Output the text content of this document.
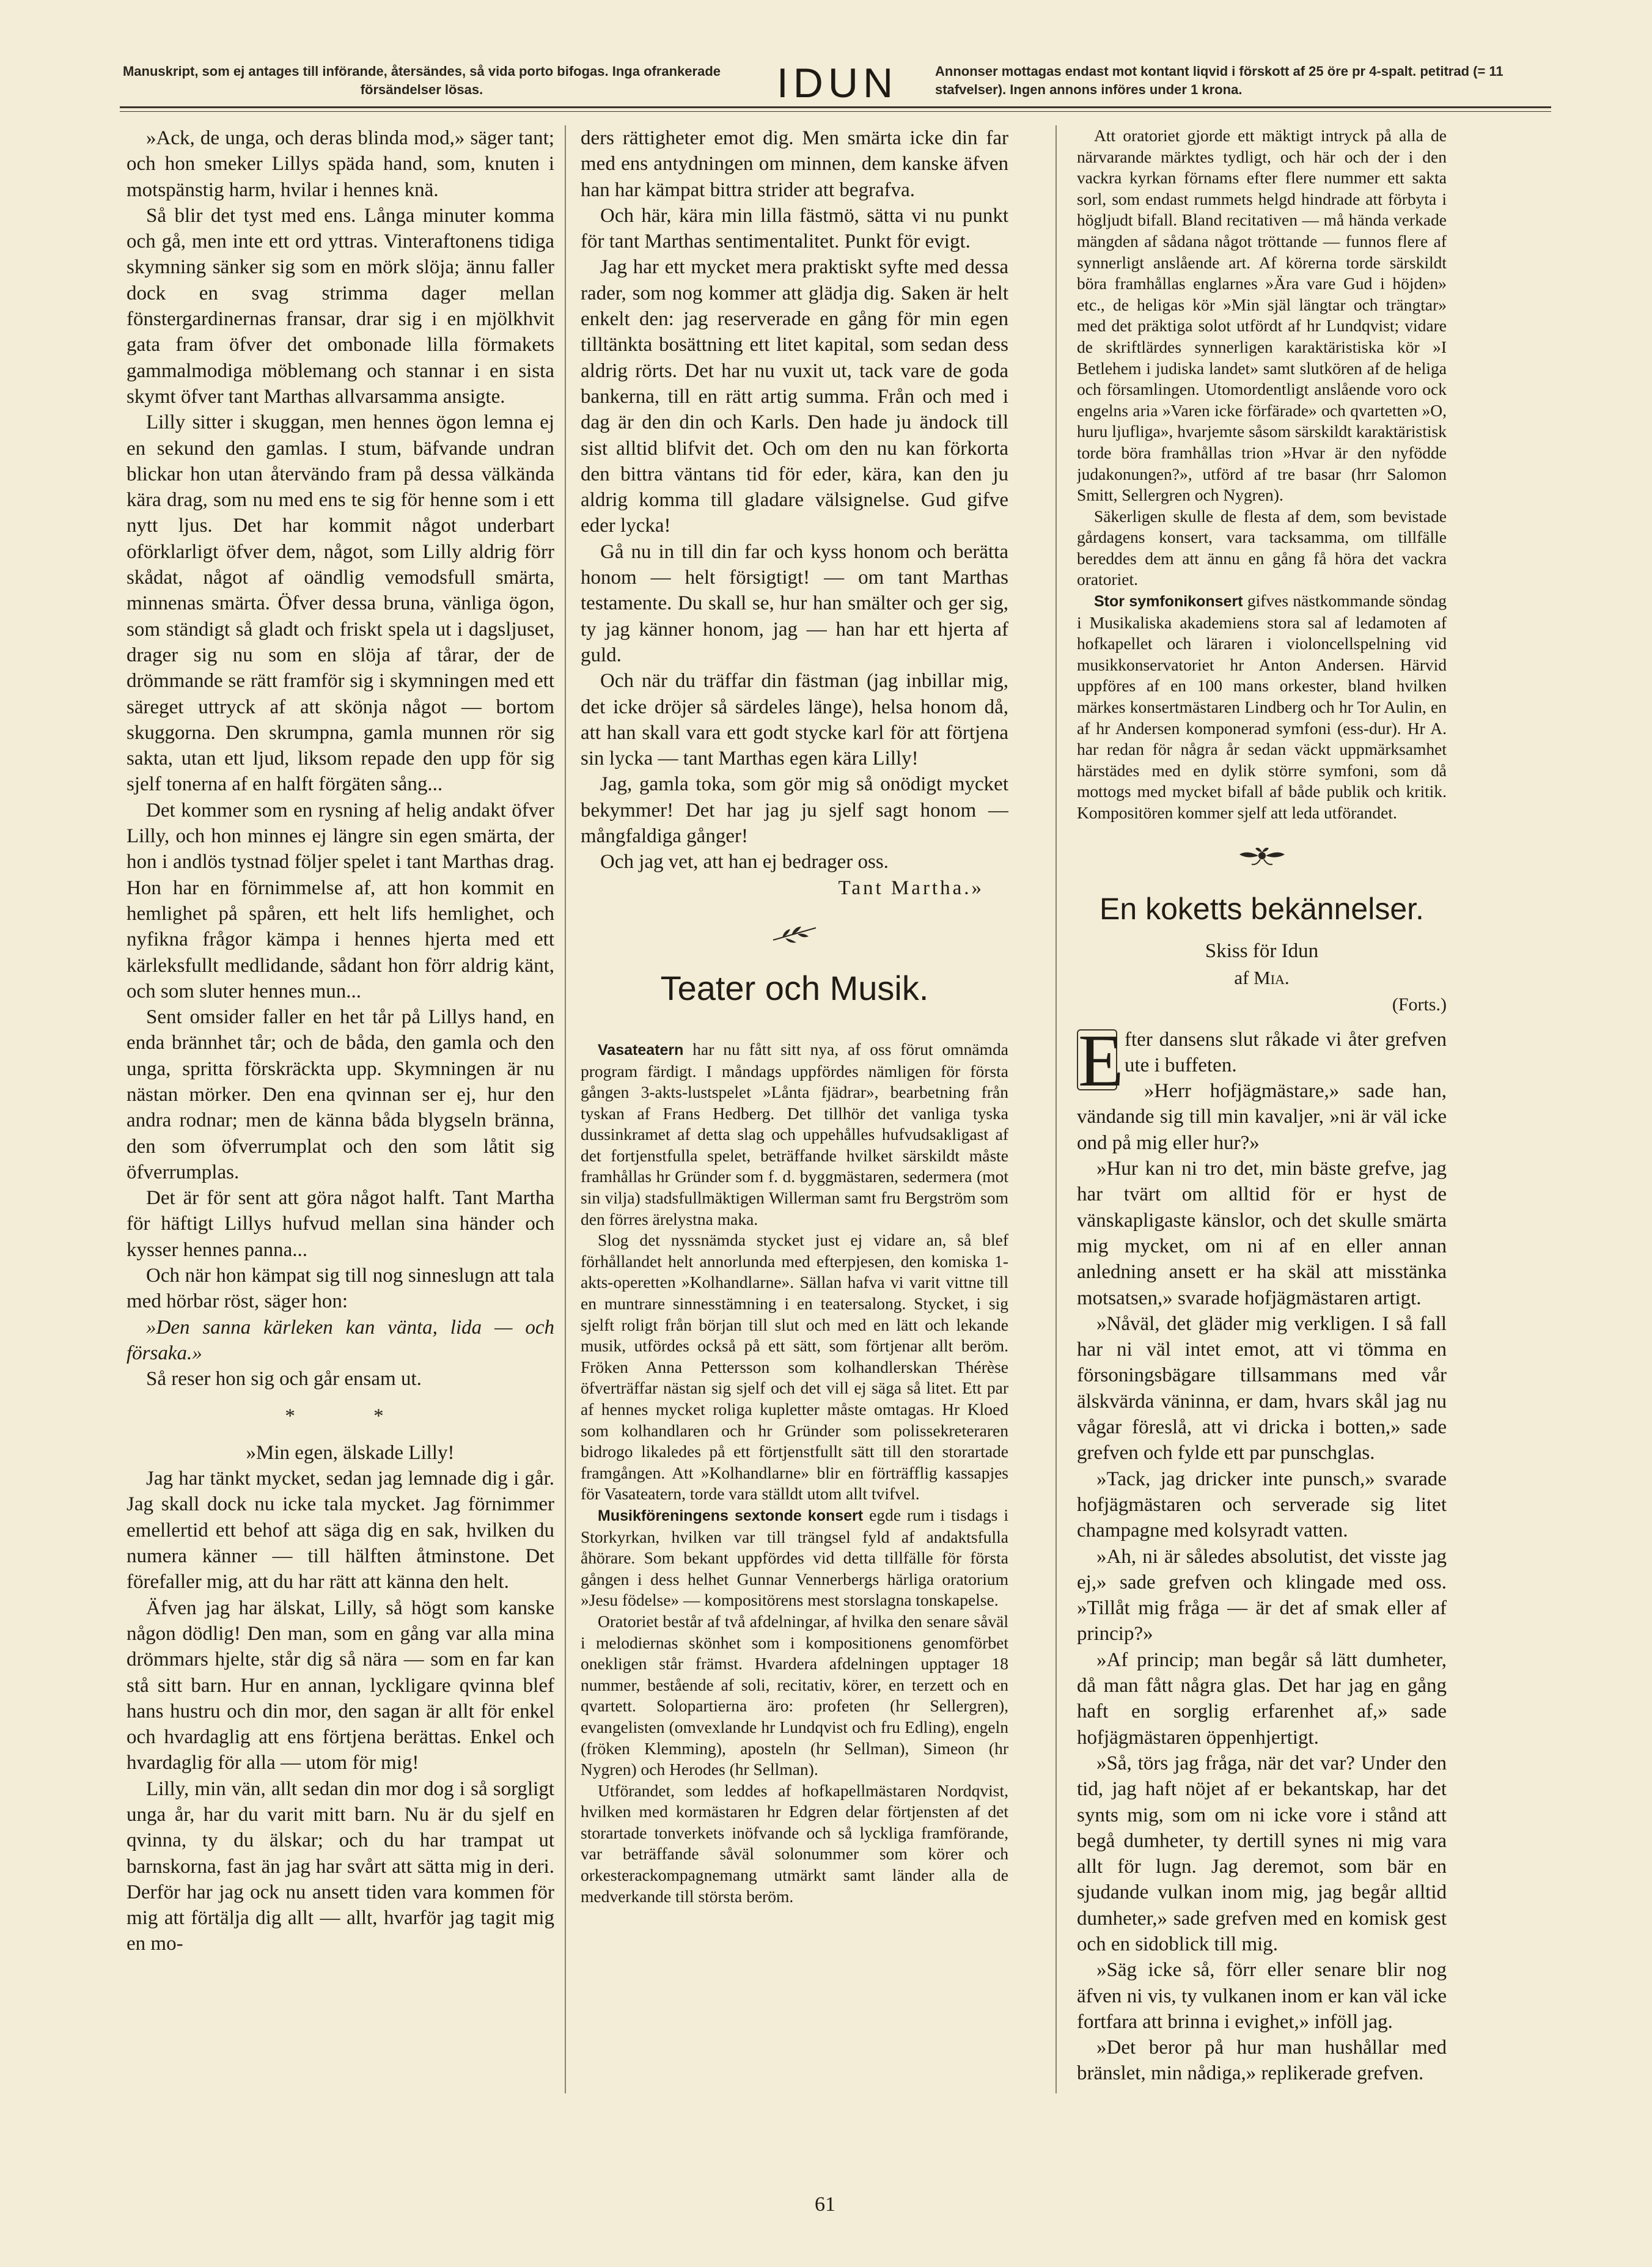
Manuskript, som ej antages till införande, återsändes, så vida porto bifogas. Inga ofrankerade försändelser lösas.	IDUN	Annonser mottagas endast mot kontant liqvid i förskott af 25 öre pr 4-spalt. petitrad (= 11 stafvelser). Ingen annons införes under 1 krona.

»Ack, de unga, och deras blinda mod,» säger tant; och hon smeker Lillys späda hand, som, knuten i motspänstig harm, hvilar i hennes knä.

Så blir det tyst med ens. Långa minuter komma och gå, men inte ett ord yttras. Vinteraftonens tidiga skymning sänker sig som en mörk slöja; ännu faller dock en svag strimma dager mellan fönstergardinernas fransar, drar sig i en mjölkhvit gata fram öfver det ombonade lilla förmakets gammalmodiga möblemang och stannar i en sista skymt öfver tant Marthas allvarsamma ansigte.

Lilly sitter i skuggan, men hennes ögon lemna ej en sekund den gamlas. I stum, bäfvande undran blickar hon utan återvändo fram på dessa välkända kära drag, som nu med ens te sig för henne som i ett nytt ljus. Det har kommit något underbart oförklarligt öfver dem, något, som Lilly aldrig förr skådat, något af oändlig vemodsfull smärta, minnenas smärta. Öfver dessa bruna, vänliga ögon, som ständigt så gladt och friskt spela ut i dagsljuset, drager sig nu som en slöja af tårar, der de drömmande se rätt framför sig i skymningen med ett säreget uttryck af att skönja något — bortom skuggorna. Den skrumpna, gamla munnen rör sig sakta, utan ett ljud, liksom repade den upp för sig sjelf tonerna af en halft förgäten sång...

Det kommer som en rysning af helig andakt öfver Lilly, och hon minnes ej längre sin egen smärta, der hon i andlös tystnad följer spelet i tant Marthas drag. Hon har en förnimmelse af, att hon kommit en hemlighet på spåren, ett helt lifs hemlighet, och nyfikna frågor kämpa i hennes hjerta med ett kärleksfullt medlidande, sådant hon förr aldrig känt, och som sluter hennes mun...

Sent omsider faller en het tår på Lillys hand, en enda brännhet tår; och de båda, den gamla och den unga, spritta förskräckta upp. Skymningen är nu nästan mörker. Den ena qvinnan ser ej, hur den andra rodnar; men de känna båda blygseln bränna, den som öfverrumplat och den som låtit sig öfverrumplas.

Det är för sent att göra något halft. Tant Martha för häftigt Lillys hufvud mellan sina händer och kysser hennes panna...

Och när hon kämpat sig till nog sinneslugn att tala med hörbar röst, säger hon:

»Den sanna kärleken kan vänta, lida — och försaka.»

Så reser hon sig och går ensam ut.

* *

»Min egen, älskade Lilly!

Jag har tänkt mycket, sedan jag lemnade dig i går. Jag skall dock nu icke tala mycket. Jag förnimmer emellertid ett behof att säga dig en sak, hvilken du numera känner — till hälften åtminstone. Det förefaller mig, att du har rätt att känna den helt.

Äfven jag har älskat, Lilly, så högt som kanske någon dödlig! Den man, som en gång var alla mina drömmars hjelte, står dig så nära — som en far kan stå sitt barn. Hur en annan, lyckligare qvinna blef hans hustru och din mor, den sagan är allt för enkel och hvardaglig att ens förtjena berättas. Enkel och hvardaglig för alla — utom för mig!

Lilly, min vän, allt sedan din mor dog i så sorgligt unga år, har du varit mitt barn. Nu är du sjelf en qvinna, ty du älskar; och du har trampat ut barnskorna, fast än jag har svårt att sätta mig in deri. Derför har jag ock nu ansett tiden vara kommen för mig att förtälja dig allt — allt, hvarför jag tagit mig en mo-

ders rättigheter emot dig. Men smärta icke din far med ens antydningen om minnen, dem kanske äfven han har kämpat bittra strider att begrafva.

Och här, kära min lilla fästmö, sätta vi nu punkt för tant Marthas sentimentalitet. Punkt för evigt.

Jag har ett mycket mera praktiskt syfte med dessa rader, som nog kommer att glädja dig. Saken är helt enkelt den: jag reserverade en gång för min egen tilltänkta bosättning ett litet kapital, som sedan dess aldrig rörts. Det har nu vuxit ut, tack vare de goda bankerna, till en rätt artig summa. Från och med i dag är den din och Karls. Den hade ju ändock till sist alltid blifvit det. Och om den nu kan förkorta den bittra väntans tid för eder, kära, kan den ju aldrig komma till gladare välsignelse. Gud gifve eder lycka!

Gå nu in till din far och kyss honom och berätta honom — helt försigtigt! — om tant Marthas testamente. Du skall se, hur han smälter och ger sig, ty jag känner honom, jag — han har ett hjerta af guld.

Och när du träffar din fästman (jag inbillar mig, det icke dröjer så särdeles länge), helsa honom då, att han skall vara ett godt stycke karl för att förtjena sin lycka — tant Marthas egen kära Lilly!

Jag, gamla toka, som gör mig så onödigt mycket bekymmer! Det har jag ju sjelf sagt honom — mångfaldiga gånger!

Och jag vet, att han ej bedrager oss.

Tant Martha.»

Teater och Musik.

Vasateatern har nu fått sitt nya, af oss förut omnämda program färdigt. I måndags uppfördes nämligen för första gången 3-akts-lustspelet »Lånta fjädrar», bearbetning från tyskan af Frans Hedberg. Det tillhör det vanliga tyska dussinkramet af detta slag och uppehålles hufvudsakligast af det fortjenstfulla spelet, beträffande hvilket särskildt måste framhållas hr Gründer som f. d. byggmästaren, sedermera (mot sin vilja) stadsfullmäktigen Willerman samt fru Bergström som den förres ärelystna maka.

Slog det nyssnämda stycket just ej vidare an, så blef förhållandet helt annorlunda med efterpjesen, den komiska 1-akts-operetten »Kolhandlarne». Sällan hafva vi varit vittne till en muntrare sinnesstämning i en teatersalong. Stycket, i sig sjelft roligt från början till slut och med en lätt och lekande musik, utfördes också på ett sätt, som förtjenar allt beröm. Fröken Anna Pettersson som kolhandlerskan Thérèse öfverträffar nästan sig sjelf och det vill ej säga så litet. Ett par af hennes mycket roliga kupletter måste omtagas. Hr Kloed som kolhandlaren och hr Gründer som polissekreteraren bidrogo likaledes på ett förtjenstfullt sätt till den storartade framgången. Att »Kolhandlarne» blir en förträfflig kassapjes för Vasateatern, torde vara ställdt utom allt tvifvel.

Musikföreningens sextonde konsert egde rum i tisdags i Storkyrkan, hvilken var till trängsel fyld af andaktsfulla åhörare. Som bekant uppfördes vid detta tillfälle för första gången i dess helhet Gunnar Vennerbergs härliga oratorium »Jesu födelse» — kompositörens mest storslagna tonskapelse.

Oratoriet består af två afdelningar, af hvilka den senare såväl i melodiernas skönhet som i kompositionens genomförbet onekligen står främst. Hvardera afdelningen upptager 18 nummer, bestående af soli, recitativ, körer, en terzett och en qvartett. Solopartierna äro: profeten (hr Sellergren), evangelisten (omvexlande hr Lundqvist och fru Edling), engeln (fröken Klemming), aposteln (hr Sellman), Simeon (hr Nygren) och Herodes (hr Sellman).

Utförandet, som leddes af hofkapellmästaren Nordqvist, hvilken med kormästaren hr Edgren delar förtjensten af det storartade tonverkets inöfvande och så lyckliga framförande, var beträffande såväl solonummer som körer och orkesterackompagnemang utmärkt samt länder alla de medverkande till största beröm.

Att oratoriet gjorde ett mäktigt intryck på alla de närvarande märktes tydligt, och här och der i den vackra kyrkan förnams efter flere nummer ett sakta sorl, som endast rummets helgd hindrade att förbyta i högljudt bifall. Bland recitativen — må hända verkade mängden af sådana något tröttande — funnos flere af synnerligt anslående art. Af körerna torde särskildt böra framhållas englarnes »Ära vare Gud i höjden» etc., de heligas kör »Min själ längtar och trängtar» med det präktiga solot utfördt af hr Lundqvist; vidare de skriftlärdes synnerligen karaktäristiska kör »I Betlehem i judiska landet» samt slutkören af de heliga och församlingen. Utomordentligt anslående voro ock engelns aria »Varen icke förfärade» och qvartetten »O, huru ljufliga», hvarjemte såsom särskildt karaktäristisk torde böra framhållas trion »Hvar är den nyfödde judakonungen?», utförd af tre basar (hrr Salomon Smitt, Sellergren och Nygren).

Säkerligen skulle de flesta af dem, som bevistade gårdagens konsert, vara tacksamma, om tillfälle bereddes dem att ännu en gång få höra det vackra oratoriet.

Stor symfonikonsert gifves nästkommande söndag i Musikaliska akademiens stora sal af ledamoten af hofkapellet och läraren i violoncellspelning vid musikkonservatoriet hr Anton Andersen. Härvid uppföres af en 100 mans orkester, bland hvilken märkes konsertmästaren Lindberg och hr Tor Aulin, en af hr Andersen komponerad symfoni (ess-dur). Hr A. har redan för några år sedan väckt uppmärksamhet härstädes med en dylik större symfoni, som då mottogs med mycket bifall af både publik och kritik. Kompositören kommer sjelf att leda utförandet.

En koketts bekännelser.
Skiss för Idun
af Mia.
(Forts.)
E fter dansens slut råkade vi åter grefven ute i buffeten.

»Herr hofjägmästare,» sade han, vändande sig till min kavaljer, »ni är väl icke ond på mig eller hur?»

»Hur kan ni tro det, min bäste grefve, jag har tvärt om alltid för er hyst de vänskapligaste känslor, och det skulle smärta mig mycket, om ni af en eller annan anledning ansett er ha skäl att misstänka motsatsen,» svarade hofjägmästaren artigt.

»Nåväl, det gläder mig verkligen. I så fall har ni väl intet emot, att vi tömma en försoningsbägare tillsammans med vår älskvärda väninna, er dam, hvars skål jag nu vågar föreslå, att vi dricka i botten,» sade grefven och fylde ett par punschglas.

»Tack, jag dricker inte punsch,» svarade hofjägmästaren och serverade sig litet champagne med kolsyradt vatten.

»Ah, ni är således absolutist, det visste jag ej,» sade grefven och klingade med oss. »Tillåt mig fråga — är det af smak eller af princip?»

»Af princip; man begår så lätt dumheter, då man fått några glas. Det har jag en gång haft en sorglig erfarenhet af,» sade hofjägmästaren öppenhjertigt.

»Så, törs jag fråga, när det var? Under den tid, jag haft nöjet af er bekantskap, har det synts mig, som om ni icke vore i stånd att begå dumheter, ty dertill synes ni mig vara allt för lugn. Jag deremot, som bär en sjudande vulkan inom mig, jag begår alltid dumheter,» sade grefven med en komisk gest och en sidoblick till mig.

»Säg icke så, förr eller senare blir nog äfven ni vis, ty vulkanen inom er kan väl icke fortfara att brinna i evighet,» inföll jag.

»Det beror på hur man hushållar med bränslet, min nådiga,» replikerade grefven.

61
